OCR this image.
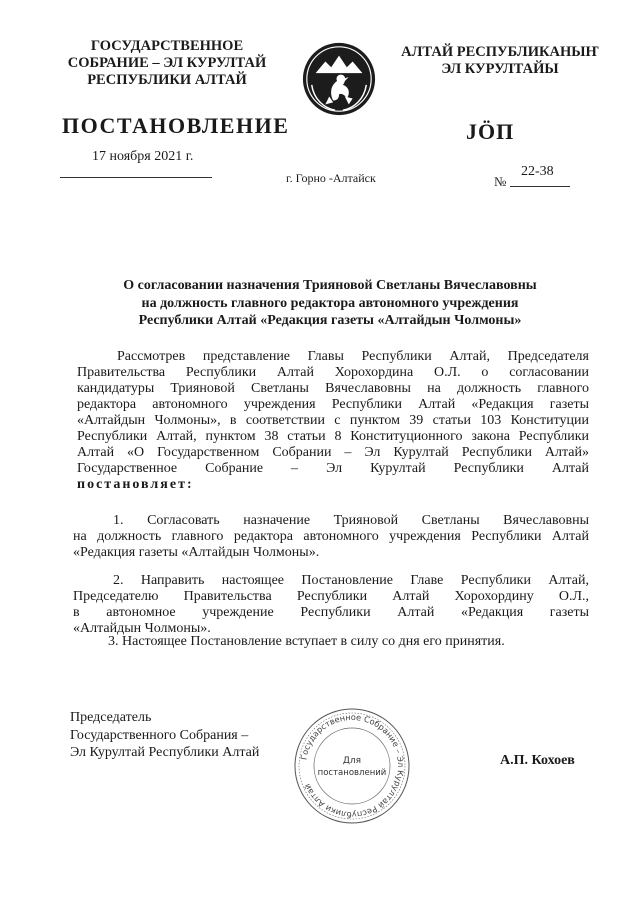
ГОСУДАРСТВЕННОЕ
СОБРАНИЕ – ЭЛ КУРУЛТАЙ
РЕСПУБЛИКИ АЛТАЙ
АЛТАЙ РЕСПУБЛИКАНЫҤ
ЭЛ КУРУЛТАЙЫ
ПОСТАНОВЛЕНИЕ	JӦП
17 ноября 2021 г.
г. Горно -Алтайск	№
22-38
О согласовании назначения Трияновой Светланы Вячеславовны
на должность главного редактора автономного учреждения
Республики Алтай «Редакция газеты «Алтайдын Чолмоны»
Рассмотрев представление Главы Республики Алтай, Председателя
Правительства Республики Алтай Хорохордина О.Л. о согласовании
кандидатуры Трияновой Светланы Вячеславовны на должность главного
редактора автономного учреждения Республики Алтай «Редакция газеты
«Алтайдын Чолмоны», в соответствии с пунктом 39 статьи 103 Конституции
Республики Алтай, пунктом 38 статьи 8 Конституционного закона Республики
Алтай «О Государственном Собрании – Эл Курултай Республики Алтай»
Государственное Собрание – Эл Курултай Республики Алтай
постановляет:
1. Согласовать назначение Трияновой Светланы Вячеславовны
на должность главного редактора автономного учреждения Республики Алтай
«Редакция газеты «Алтайдын Чолмоны».
2. Направить настоящее Постановление Главе Республики Алтай,
Председателю Правительства Республики Алтай Хорохордину О.Л.,
в автономное учреждение Республики Алтай «Редакция газеты
«Алтайдын Чолмоны».
3. Настоящее Постановление вступает в силу со дня его принятия.
Председатель
Государственного Собрания –
Эл Курултай Республики Алтай	Государственное Собрание – Эл Курултай Республики Алтай
Для
постановлений
А.П. Кохоев
